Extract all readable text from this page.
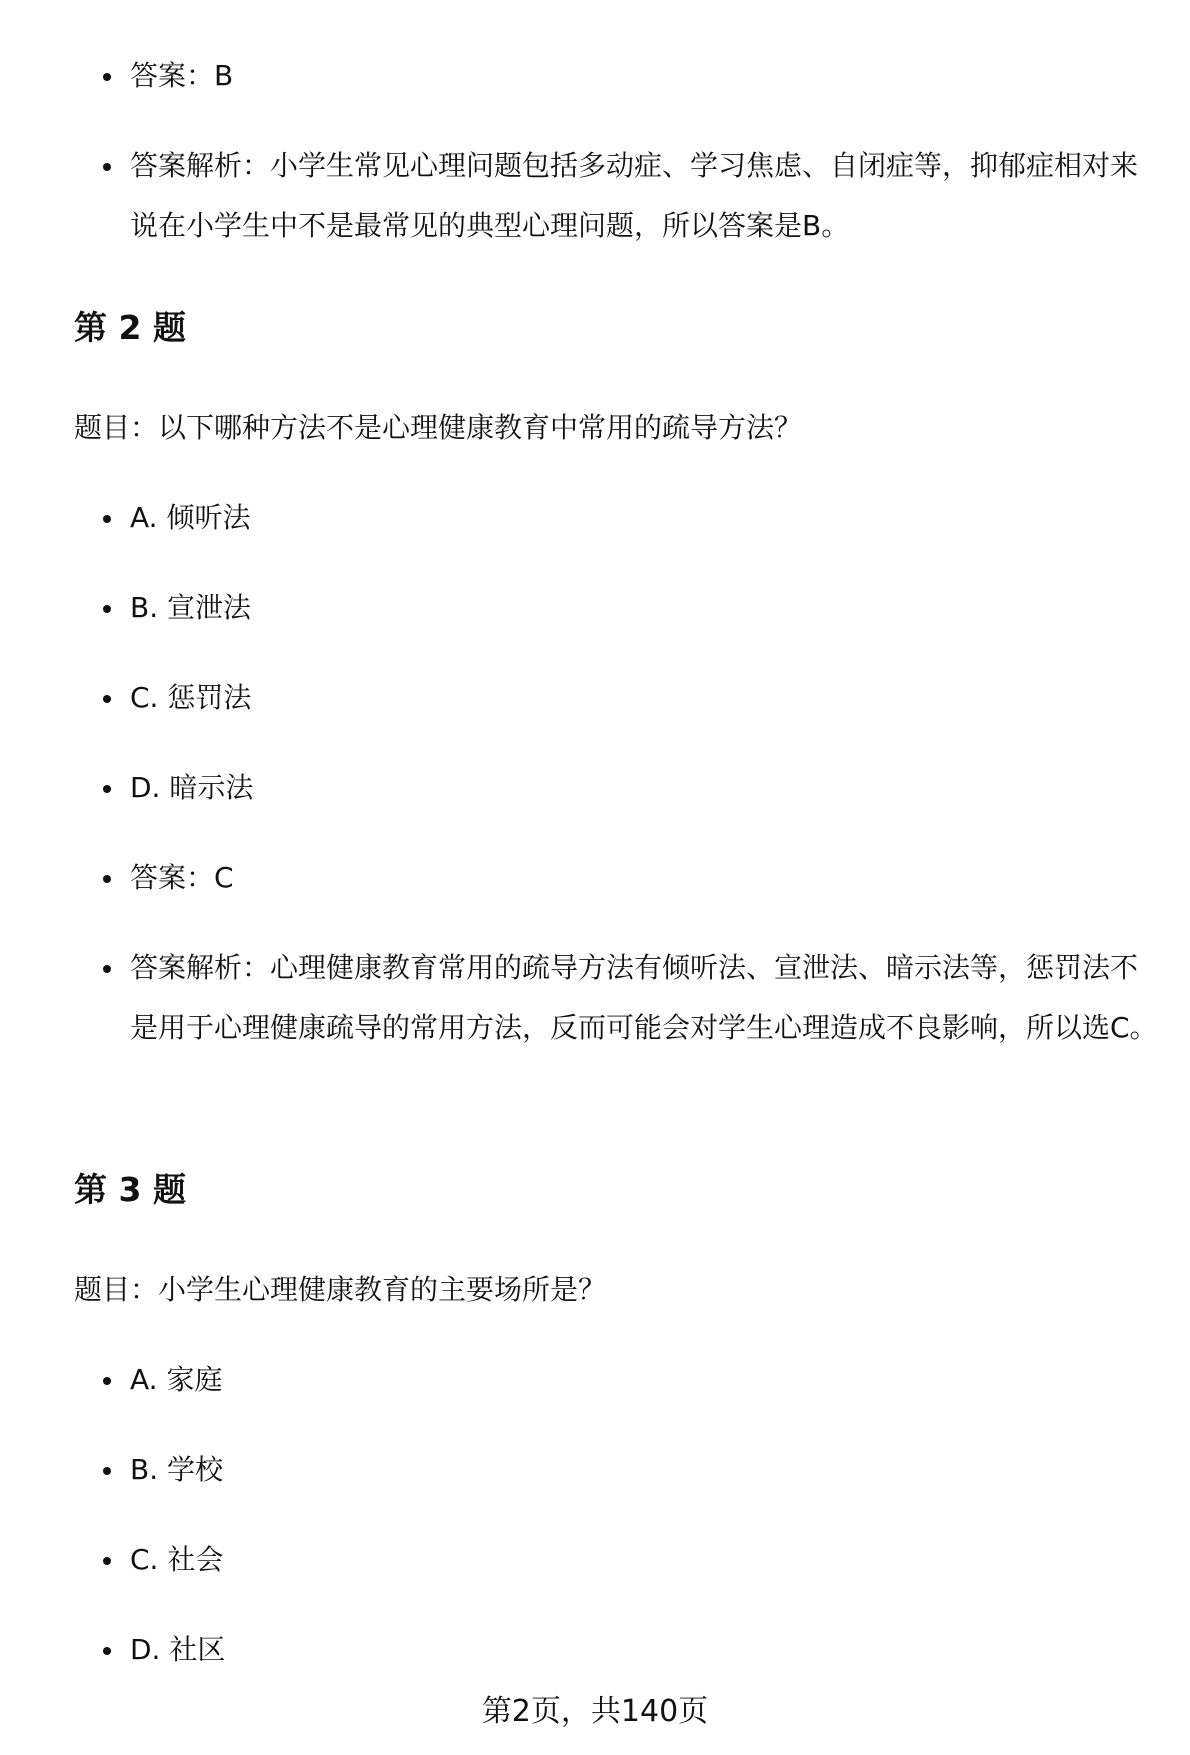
答案：B
答案解析：小学生常见心理问题包括多动症、学习焦虑、自闭症等，抑郁症相对来说在小学生中不是最常见的典型心理问题，所以答案是B。
第 2 题
题目：以下哪种方法不是心理健康教育中常用的疏导方法？
A. 倾听法
B. 宣泄法
C. 惩罚法
D. 暗示法
答案：C
答案解析：心理健康教育常用的疏导方法有倾听法、宣泄法、暗示法等，惩罚法不是用于心理健康疏导的常用方法，反而可能会对学生心理造成不良影响，所以选C。
第 3 题
题目：小学生心理健康教育的主要场所是？
A. 家庭
B. 学校
C. 社会
D. 社区
第2页，共140页
